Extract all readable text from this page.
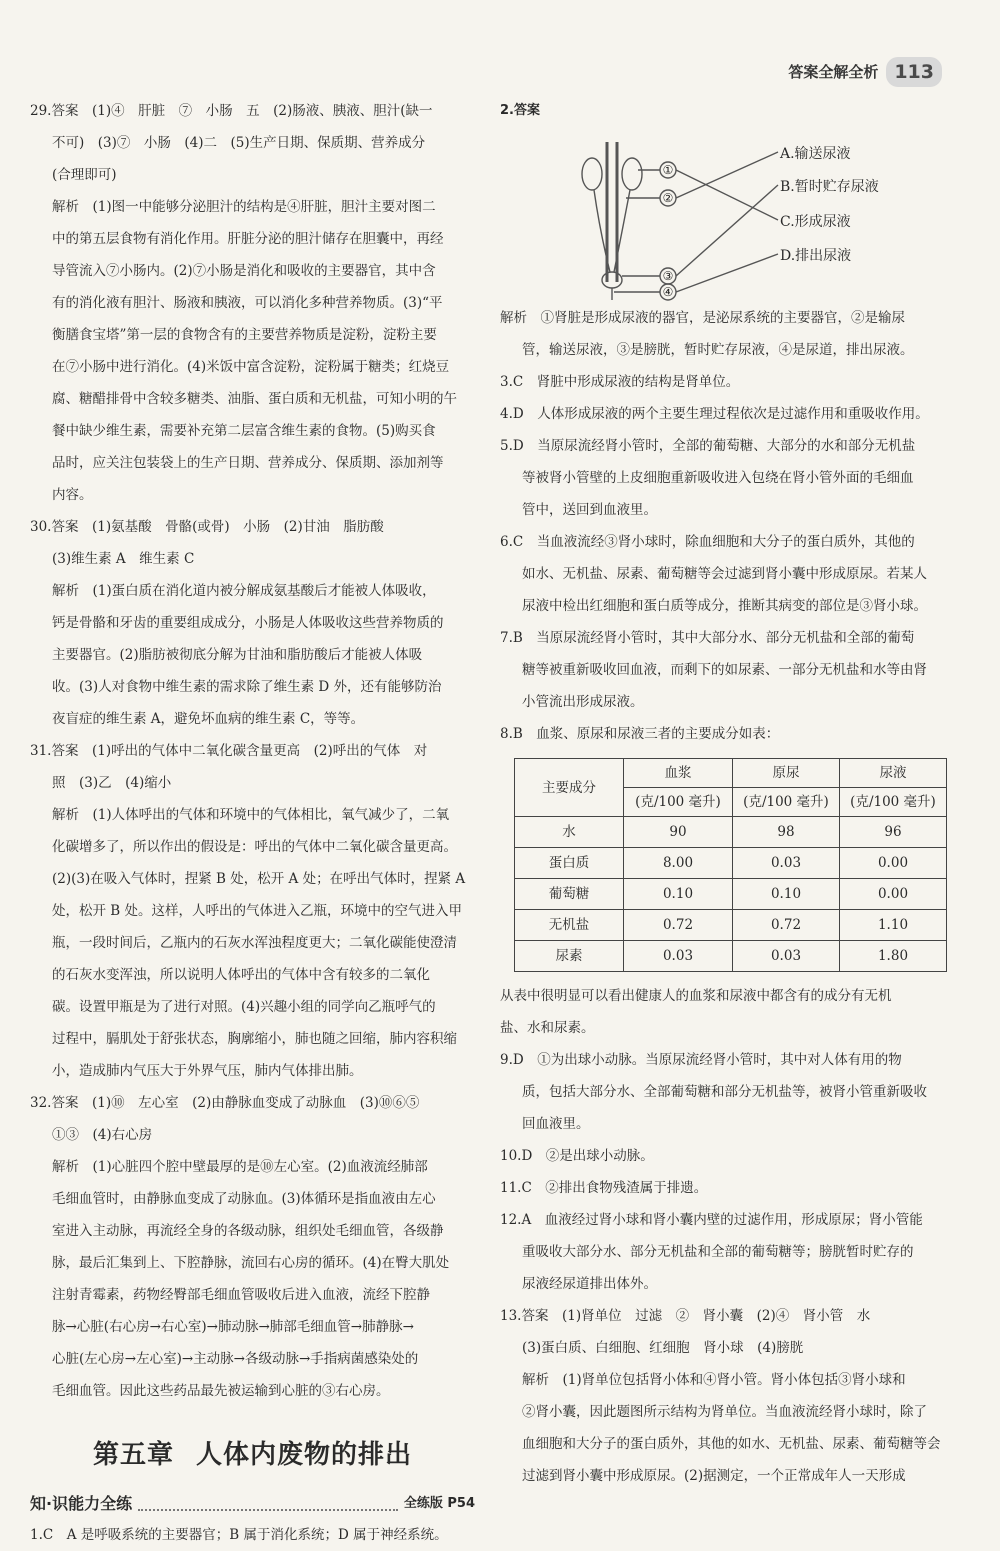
答案全解全析 113
29.答案　(1)④　肝脏　⑦　小肠　五　(2)肠液、胰液、胆汁(缺一
不可)　(3)⑦　小肠　(4)二　(5)生产日期、保质期、营养成分
(合理即可)
解析　(1)图一中能够分泌胆汁的结构是④肝脏，胆汁主要对图二
中的第五层食物有消化作用。肝脏分泌的胆汁储存在胆囊中，再经
导管流入⑦小肠内。(2)⑦小肠是消化和吸收的主要器官，其中含
有的消化液有胆汁、肠液和胰液，可以消化多种营养物质。(3)“平
衡膳食宝塔”第一层的食物含有的主要营养物质是淀粉，淀粉主要
在⑦小肠中进行消化。(4)米饭中富含淀粉，淀粉属于糖类；红烧豆
腐、糖醋排骨中含较多糖类、油脂、蛋白质和无机盐，可知小明的午
餐中缺少维生素，需要补充第二层富含维生素的食物。(5)购买食
品时，应关注包装袋上的生产日期、营养成分、保质期、添加剂等
内容。
30.答案　(1)氨基酸　骨骼(或骨)　小肠　(2)甘油　脂肪酸
(3)维生素 A　维生素 C
解析　(1)蛋白质在消化道内被分解成氨基酸后才能被人体吸收，
钙是骨骼和牙齿的重要组成成分，小肠是人体吸收这些营养物质的
主要器官。(2)脂肪被彻底分解为甘油和脂肪酸后才能被人体吸
收。(3)人对食物中维生素的需求除了维生素 D 外，还有能够防治
夜盲症的维生素 A，避免坏血病的维生素 C，等等。
31.答案　(1)呼出的气体中二氧化碳含量更高　(2)呼出的气体　对
照　(3)乙　(4)缩小
解析　(1)人体呼出的气体和环境中的气体相比，氧气减少了，二氧
化碳增多了，所以作出的假设是：呼出的气体中二氧化碳含量更高。
(2)(3)在吸入气体时，捏紧 B 处，松开 A 处；在呼出气体时，捏紧 A
处，松开 B 处。这样，人呼出的气体进入乙瓶，环境中的空气进入甲
瓶，一段时间后，乙瓶内的石灰水浑浊程度更大；二氧化碳能使澄清
的石灰水变浑浊，所以说明人体呼出的气体中含有较多的二氧化
碳。设置甲瓶是为了进行对照。(4)兴趣小组的同学向乙瓶呼气的
过程中，膈肌处于舒张状态，胸廓缩小，肺也随之回缩，肺内容积缩
小，造成肺内气压大于外界气压，肺内气体排出肺。
32.答案　(1)⑩　左心室　(2)由静脉血变成了动脉血　(3)⑩⑥⑤
①③　(4)右心房
解析　(1)心脏四个腔中壁最厚的是⑩左心室。(2)血液流经肺部
毛细血管时，由静脉血变成了动脉血。(3)体循环是指血液由左心
室进入主动脉，再流经全身的各级动脉，组织处毛细血管，各级静
脉，最后汇集到上、下腔静脉，流回右心房的循环。(4)在臀大肌处
注射青霉素，药物经臀部毛细血管吸收后进入血液，流经下腔静
脉→心脏(右心房→右心室)→肺动脉→肺部毛细血管→肺静脉→
心脏(左心房→左心室)→主动脉→各级动脉→手指病菌感染处的
毛细血管。因此这些药品最先被运输到心脏的③右心房。
第五章 人体内废物的排出
知·识能力全练	全练版 P54
1.C　A 是呼吸系统的主要器官；B 属于消化系统；D 属于神经系统。
2.答案
①
②
③
④
A.输送尿液
B.暂时贮存尿液
C.形成尿液
D.排出尿液
解析　①肾脏是形成尿液的器官，是泌尿系统的主要器官，②是输尿
管，输送尿液，③是膀胱，暂时贮存尿液，④是尿道，排出尿液。
3.C　肾脏中形成尿液的结构是肾单位。
4.D　人体形成尿液的两个主要生理过程依次是过滤作用和重吸收作用。
5.D　当原尿流经肾小管时，全部的葡萄糖、大部分的水和部分无机盐
等被肾小管壁的上皮细胞重新吸收进入包绕在肾小管外面的毛细血
管中，送回到血液里。
6.C　当血液流经③肾小球时，除血细胞和大分子的蛋白质外，其他的
如水、无机盐、尿素、葡萄糖等会过滤到肾小囊中形成原尿。若某人
尿液中检出红细胞和蛋白质等成分，推断其病变的部位是③肾小球。
7.B　当原尿流经肾小管时，其中大部分水、部分无机盐和全部的葡萄
糖等被重新吸收回血液，而剩下的如尿素、一部分无机盐和水等由肾
小管流出形成尿液。
8.B　血浆、原尿和尿液三者的主要成分如表：
主要成分	血浆	原尿	尿液
	(克/100 毫升)	(克/100 毫升)	(克/100 毫升)
水	90	98	96
蛋白质	8.00	0.03	0.00
葡萄糖	0.10	0.10	0.00
无机盐	0.72	0.72	1.10
尿素	0.03	0.03	1.80
从表中很明显可以看出健康人的血浆和尿液中都含有的成分有无机
盐、水和尿素。
9.D　①为出球小动脉。当原尿流经肾小管时，其中对人体有用的物
质，包括大部分水、全部葡萄糖和部分无机盐等，被肾小管重新吸收
回血液里。
10.D　②是出球小动脉。
11.C　②排出食物残渣属于排遗。
12.A　血液经过肾小球和肾小囊内壁的过滤作用，形成原尿；肾小管能
重吸收大部分水、部分无机盐和全部的葡萄糖等；膀胱暂时贮存的
尿液经尿道排出体外。
13.答案　(1)肾单位　过滤　②　肾小囊　(2)④　肾小管　水
(3)蛋白质、白细胞、红细胞　肾小球　(4)膀胱
解析　(1)肾单位包括肾小体和④肾小管。肾小体包括③肾小球和
②肾小囊，因此题图所示结构为肾单位。当血液流经肾小球时，除了
血细胞和大分子的蛋白质外，其他的如水、无机盐、尿素、葡萄糖等会
过滤到肾小囊中形成原尿。(2)据测定，一个正常成年人一天形成
